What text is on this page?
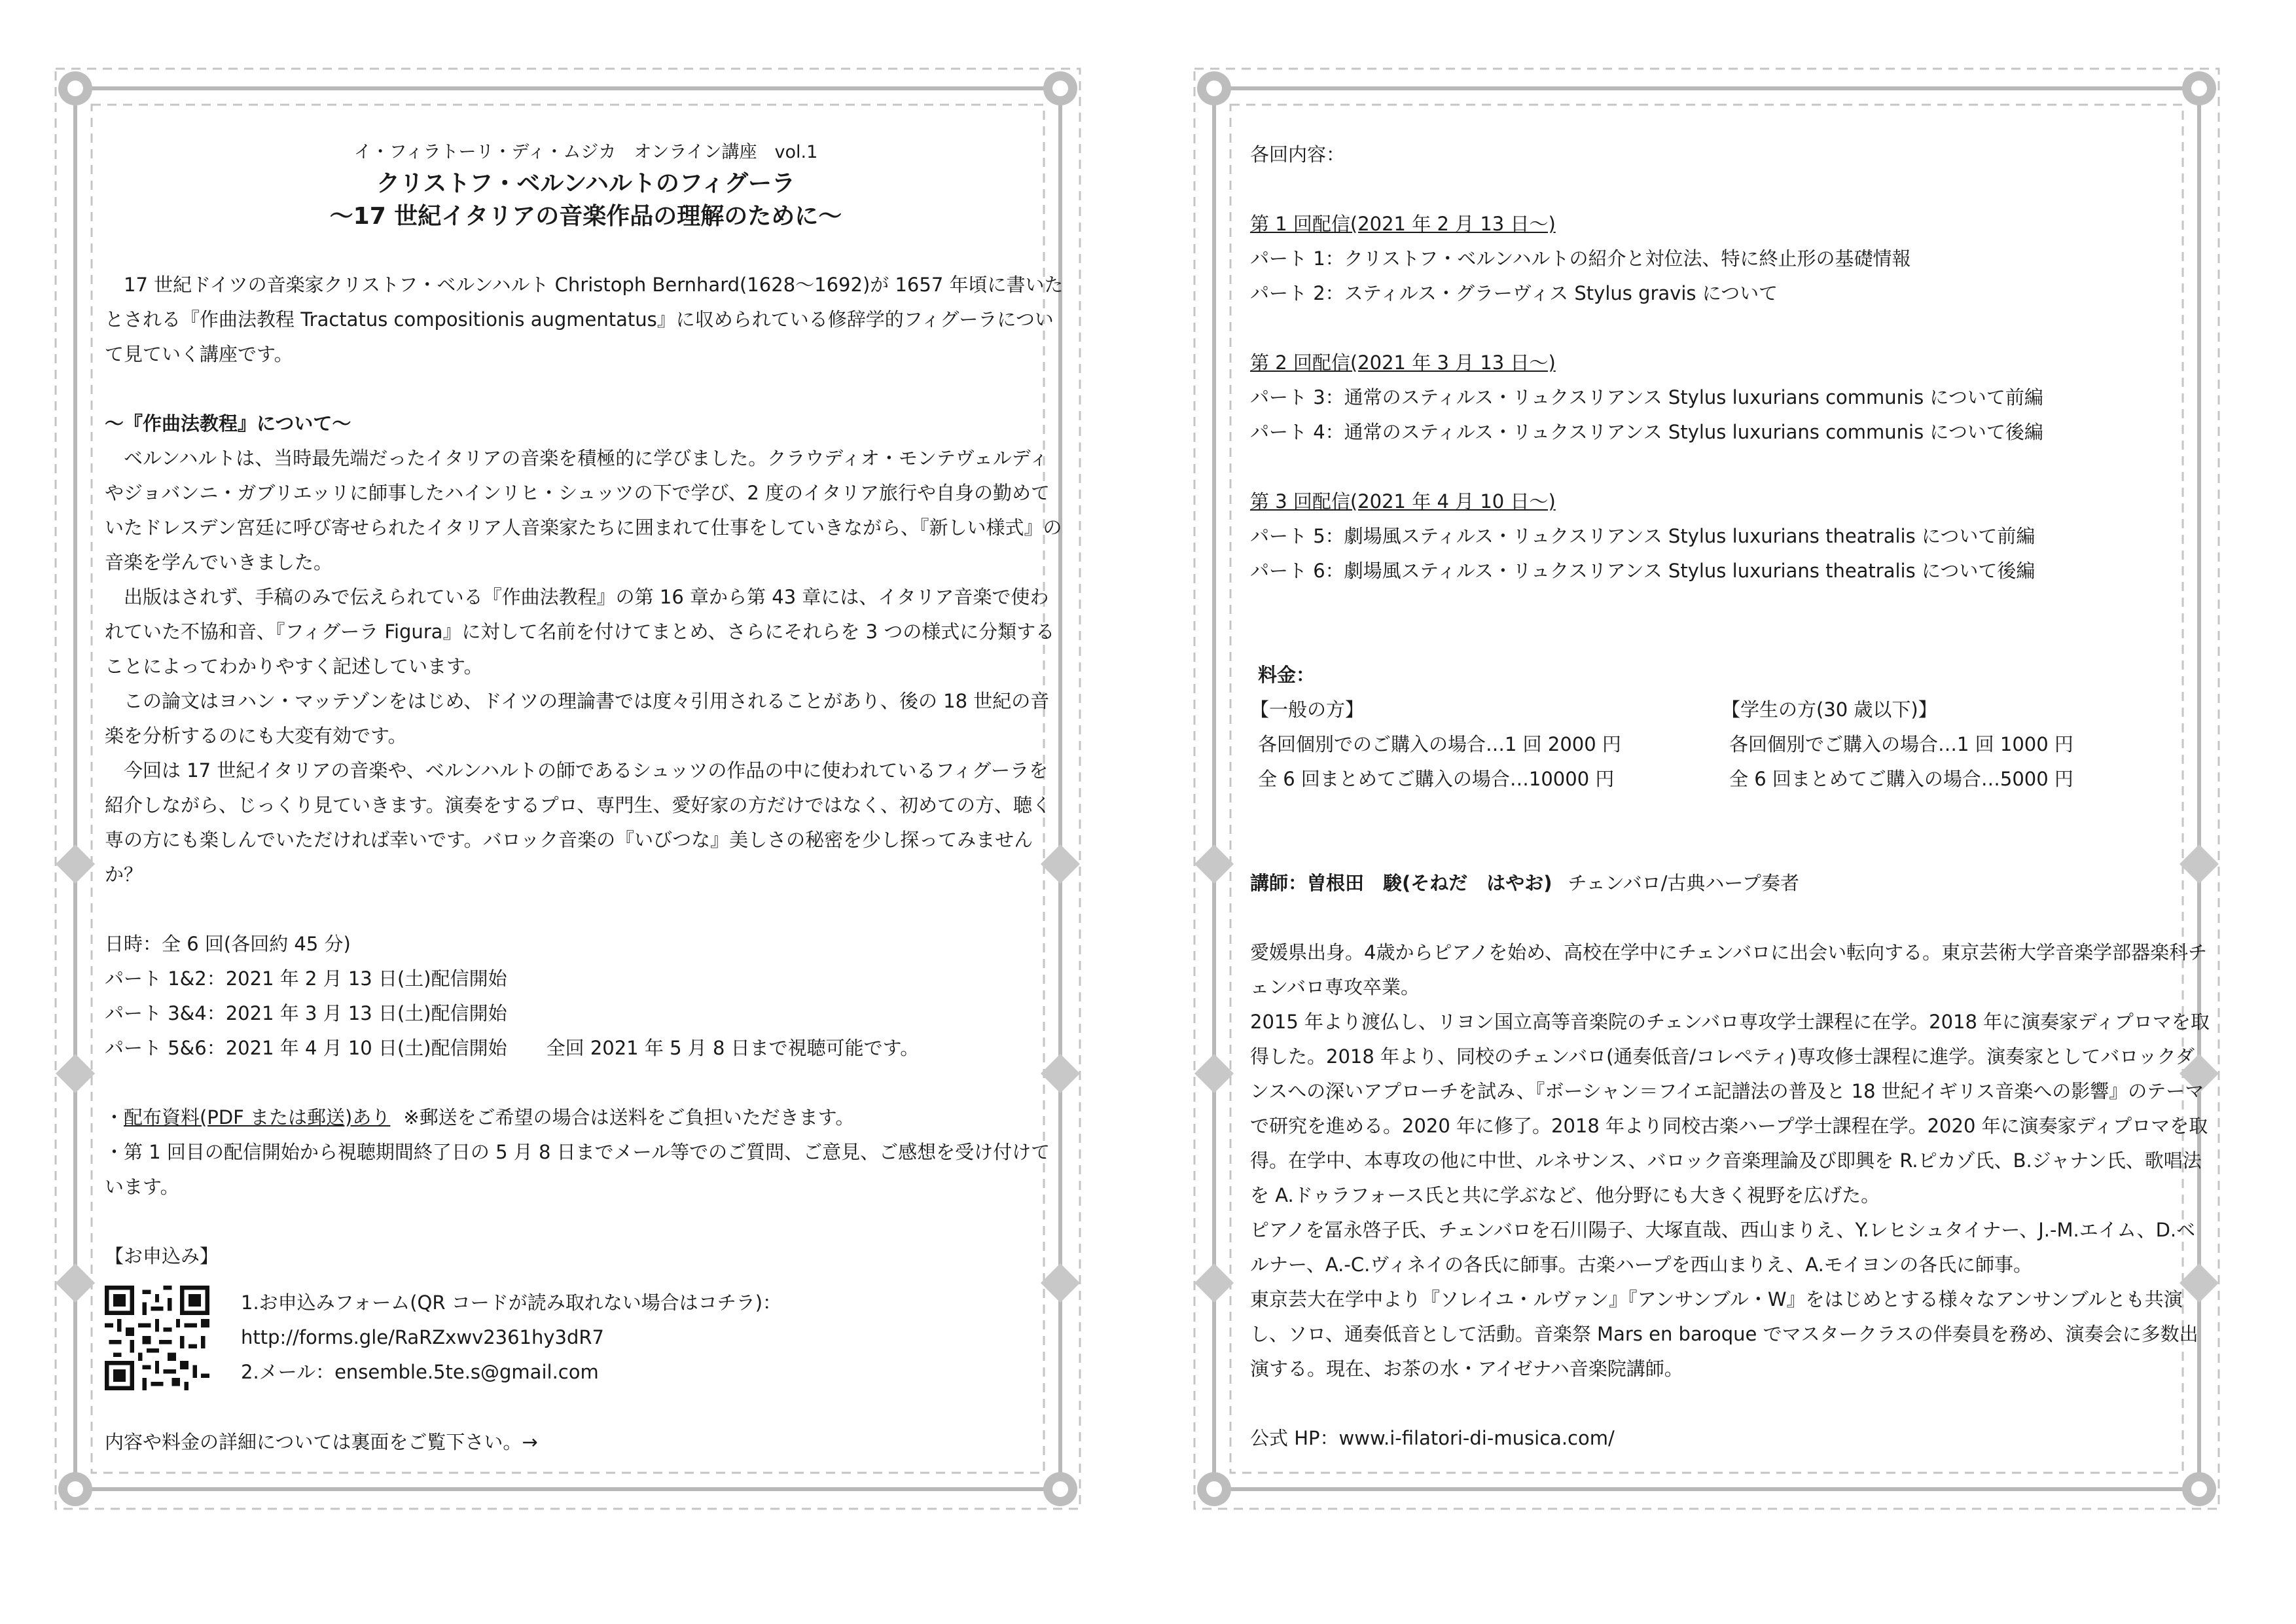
イ・フィラトーリ・ディ・ムジカ　オンライン講座　vol.1

クリストフ・ベルンハルトのフィグーラ

～17 世紀イタリアの音楽作品の理解のために～

17 世紀ドイツの音楽家クリストフ・ベルンハルト Christoph Bernhard(1628～1692)が 1657 年頃に書いたとされる『作曲法教程 Tractatus compositionis augmentatus』に収められている修辞学的フィグーラについて見ていく講座です。

～『作曲法教程』について～

ベルンハルトは、当時最先端だったイタリアの音楽を積極的に学びました。クラウディオ・モンテヴェルディやジョバンニ・ガブリエッリに師事したハインリヒ・シュッツの下で学び、2 度のイタリア旅行や自身の勤めていたドレスデン宮廷に呼び寄せられたイタリア人音楽家たちに囲まれて仕事をしていきながら、『新しい様式』の音楽を学んでいきました。

出版はされず、手稿のみで伝えられている『作曲法教程』の第 16 章から第 43 章には、イタリア音楽で使われていた不協和音、『フィグーラ Figura』に対して名前を付けてまとめ、さらにそれらを 3 つの様式に分類することによってわかりやすく記述しています。

この論文はヨハン・マッテゾンをはじめ、ドイツの理論書では度々引用されることがあり、後の 18 世紀の音楽を分析するのにも大変有効です。

今回は 17 世紀イタリアの音楽や、ベルンハルトの師であるシュッツの作品の中に使われているフィグーラを紹介しながら、じっくり見ていきます。演奏をするプロ、専門生、愛好家の方だけではなく、初めての方、聴く専の方にも楽しんでいただければ幸いです。バロック音楽の『いびつな』美しさの秘密を少し探ってみませんか？

日時：全 6 回(各回約 45 分)

パート 1&2：2021 年 2 月 13 日(土)配信開始

パート 3&4：2021 年 3 月 13 日(土)配信開始

パート 5&6：2021 年 4 月 10 日(土)配信開始 全回 2021 年 5 月 8 日まで視聴可能です。

・配布資料(PDF または郵送)あり ※郵送をご希望の場合は送料をご負担いただきます。

・第 1 回目の配信開始から視聴期間終了日の 5 月 8 日までメール等でのご質問、ご意見、ご感想を受け付けています。

【お申込み】

1.お申込みフォーム(QR コードが読み取れない場合はコチラ)：

http://forms.gle/RaRZxwv2361hy3dR7

2.メール：ensemble.5te.s@gmail.com

内容や料金の詳細については裏面をご覧下さい。→

各回内容：

第 1 回配信(2021 年 2 月 13 日～)

パート 1：クリストフ・ベルンハルトの紹介と対位法、特に終止形の基礎情報

パート 2：スティルス・グラーヴィス Stylus gravis について

第 2 回配信(2021 年 3 月 13 日～)

パート 3：通常のスティルス・リュクスリアンス Stylus luxurians communis について前編

パート 4：通常のスティルス・リュクスリアンス Stylus luxurians communis について後編

第 3 回配信(2021 年 4 月 10 日～)

パート 5：劇場風スティルス・リュクスリアンス Stylus luxurians theatralis について前編

パート 6：劇場風スティルス・リュクスリアンス Stylus luxurians theatralis について後編

料金：

【一般の方】

各回個別でのご購入の場合…1 回 2000 円

全 6 回まとめてご購入の場合…10000 円

【学生の方(30 歳以下)】

各回個別でご購入の場合…1 回 1000 円

全 6 回まとめてご購入の場合…5000 円

講師：曽根田　駿(そねだ　はやお) チェンバロ/古典ハープ奏者

愛媛県出身。4歳からピアノを始め、高校在学中にチェンバロに出会い転向する。東京芸術大学音楽学部器楽科チェンバロ専攻卒業。
2015 年より渡仏し、リヨン国立高等音楽院のチェンバロ専攻学士課程に在学。2018 年に演奏家ディプロマを取得した。2018 年より、同校のチェンバロ(通奏低音/コレペティ)専攻修士課程に進学。演奏家としてバロックダンスへの深いアプローチを試み、『ボーシャン＝フイエ記譜法の普及と 18 世紀イギリス音楽への影響』のテーマで研究を進める。2020 年に修了。2018 年より同校古楽ハープ学士課程在学。2020 年に演奏家ディプロマを取得。在学中、本専攻の他に中世、ルネサンス、バロック音楽理論及び即興を R.ピカゾ氏、B.ジャナン氏、歌唱法を A.ドゥラフォース氏と共に学ぶなど、他分野にも大きく視野を広げた。
ピアノを冨永啓子氏、チェンバロを石川陽子、大塚直哉、西山まりえ、Y.レヒシュタイナー、J.-M.エイム、D.ベルナー、A.-C.ヴィネイの各氏に師事。古楽ハープを西山まりえ、A.モイヨンの各氏に師事。
東京芸大在学中より『ソレイユ・ルヴァン』『アンサンブル・W』をはじめとする様々なアンサンブルとも共演し、ソロ、通奏低音として活動。音楽祭 Mars en baroque でマスタークラスの伴奏員を務め、演奏会に多数出演する。現在、お茶の水・アイゼナハ音楽院講師。

公式 HP：www.i-filatori-di-musica.com/
